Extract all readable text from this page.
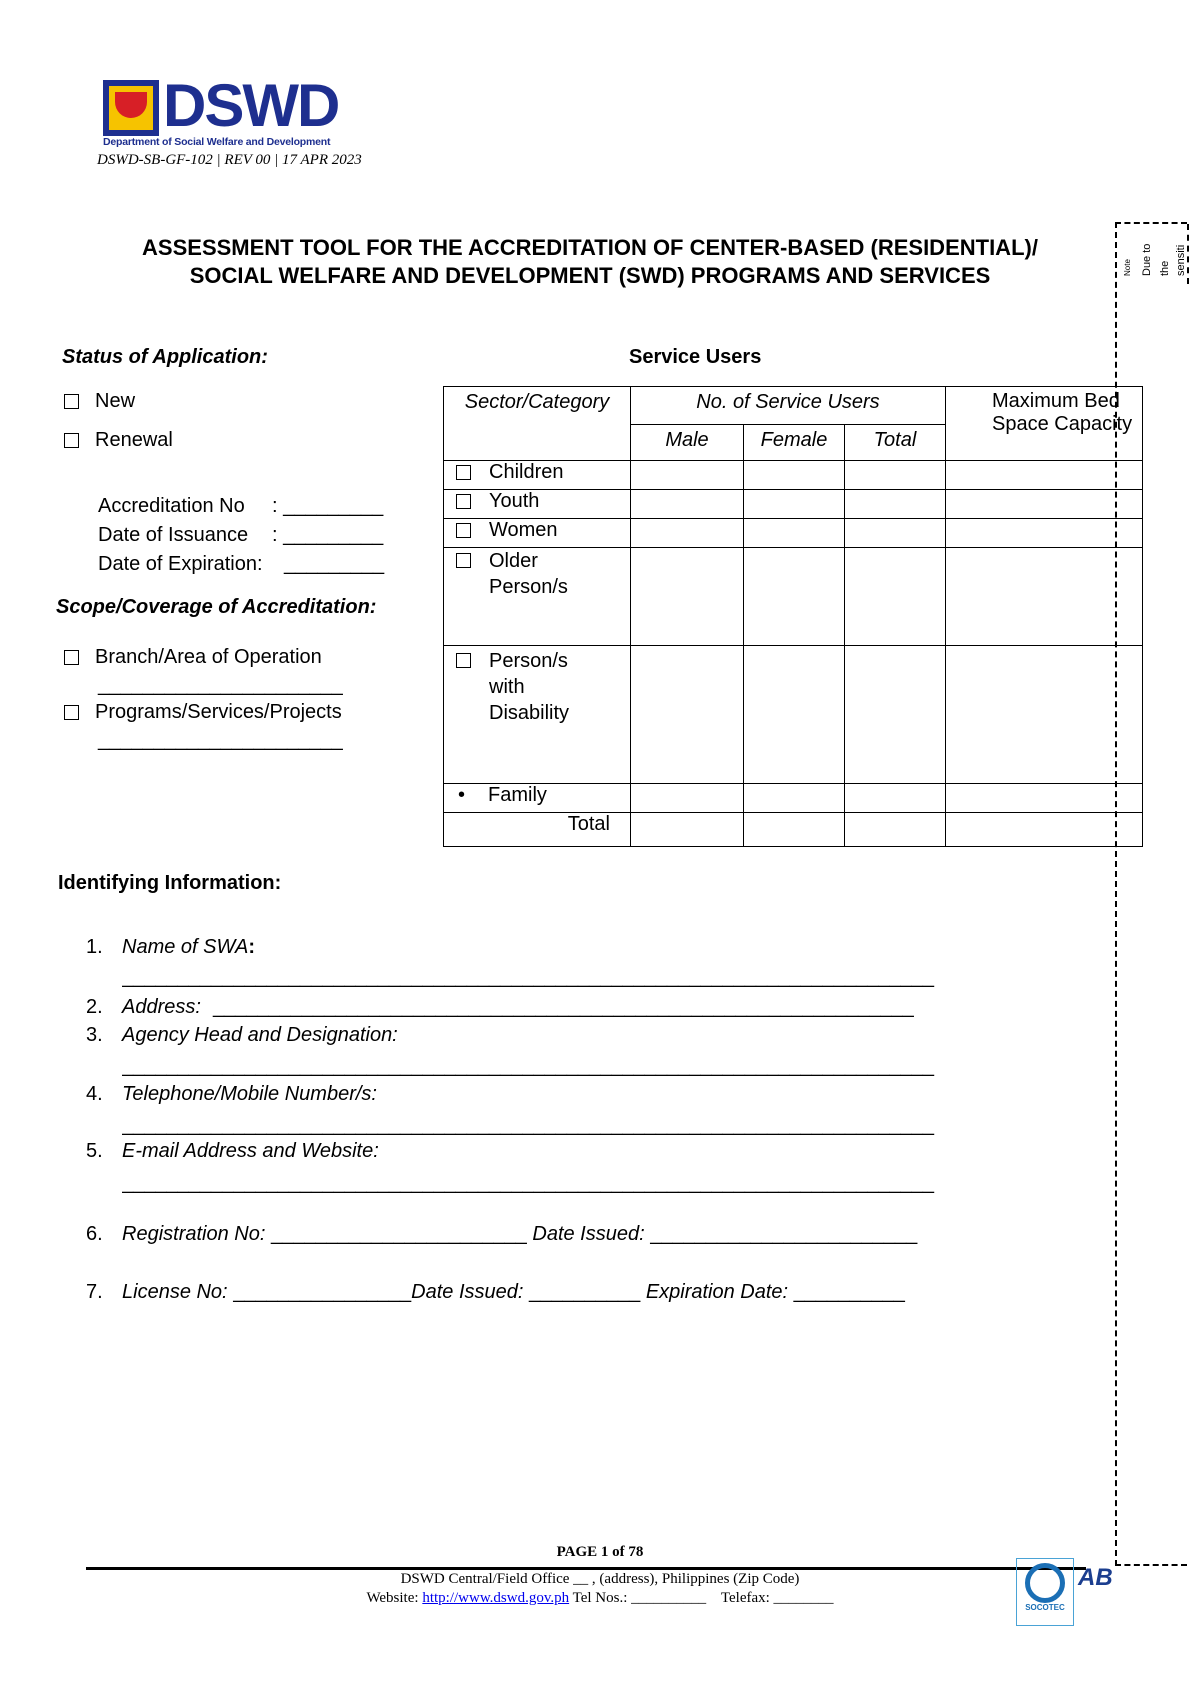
DSWD
Department of Social Welfare and Development
DSWD-SB-GF-102 | REV 00 | 17 APR 2023
ASSESSMENT TOOL FOR THE ACCREDITATION OF CENTER-BASED (RESIDENTIAL)/
SOCIAL WELFARE AND DEVELOPMENT (SWD) PROGRAMS AND SERVICES	Note Due to the sensiti
Status of Application:
New
Renewal
Accreditation No : _________
Date of Issuance : _________
Date of Expiration: _________
Scope/Coverage of Accreditation:
Branch/Area of Operation
______________________
Programs/Services/Projects
______________________
Service Users
Sector/Category	No. of Service Users			Maximum Bed Space Capacity
	Male	Female	Total	
Children				
Youth				
Women				

Older Person/s				

Person/s with Disability				

• Family				
Total				
Identifying Information:
1. Name of SWA:
_________________________________________________________________________
2. Address: _______________________________________________________________
3. Agency Head and Designation:
_________________________________________________________________________
4. Telephone/Mobile Number/s:
_________________________________________________________________________
5. E-mail Address and Website:
_________________________________________________________________________
6. Registration No: _______________________ Date Issued: ________________________
7. License No: ________________Date Issued: __________ Expiration Date: __________
PAGE 1 of 78
DSWD Central/Field Office __ , (address), Philippines (Zip Code)
Website: http://www.dswd.gov.ph Tel Nos.: __________ Telefax: ________
SOCOTEC
AB
